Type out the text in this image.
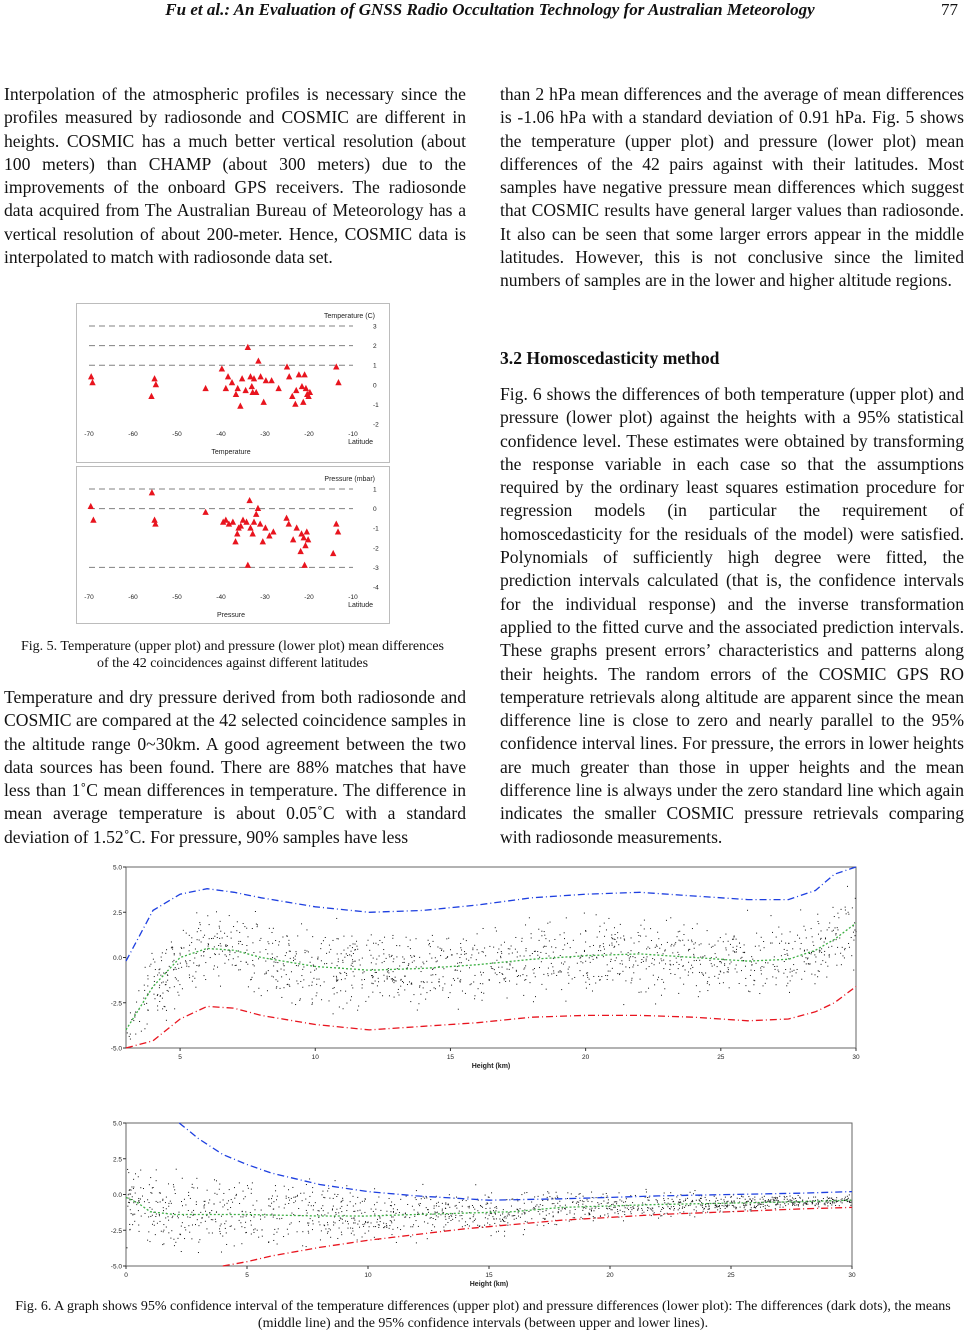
Fu et al.: An Evaluation of GNSS Radio Occultation Technology for Australian Meteorology	77

Interpolation of the atmospheric profiles is necessary since the profiles measured by radiosonde and COSMIC are different in heights. COSMIC has a much better vertical resolution (about 100 meters) than CHAMP (about 300 meters) due to the improvements of the onboard GPS receivers. The radiosonde data acquired from The Australian Bureau of Meteorology has a vertical resolution of about 200-meter. Hence, COSMIC data is interpolated to match with radiosonde data set.

Temperature (C)
3
2
1
0
-1
-2
-70	-60	-50	-40	-30	-20	-10
Latitude
Temperature
Pressure (mbar)
1
0
-1
-2
-3
-4
-70	-60	-50	-40	-30	-20	-10
Latitude
Pressure
Fig. 5. Temperature (upper plot) and pressure (lower plot) mean differences of the 42 coincidences against different latitudes

Temperature and dry pressure derived from both radiosonde and COSMIC are compared at the 42 selected coincidence samples in the altitude range 0~30km. A good agreement between the two data sources has been found. There are 88% matches that have less than 1˚C mean differences in temperature. The difference in mean average temperature is about 0.05˚C with a standard deviation of 1.52˚C. For pressure, 90% samples have less

than 2 hPa mean differences and the average of mean differences is -1.06 hPa with a standard deviation of 0.91 hPa. Fig. 5 shows the temperature (upper plot) and pressure (lower plot) mean differences of the 42 pairs against with their latitudes. Most samples have negative pressure mean differences which suggest that COSMIC results have general larger values than radiosonde. It also can be seen that some larger errors appear in the middle latitudes. However, this is not conclusive since the limited numbers of samples are in the lower and higher altitude regions.

3.2 Homoscedasticity method

Fig. 6 shows the differences of both temperature (upper plot) and pressure (lower plot) against the heights with a 95% statistical confidence level. These estimates were obtained by transforming the response variable in each case so that the assumptions required by the ordinary least squares estimation procedure for regression models (in particular the requirement of homoscedasticity for the residuals of the model) were satisfied. Polynomials of sufficiently high degree were fitted, the prediction intervals calculated (that is, the confidence intervals for the individual response) and the inverse transformation applied to the fitted curve and the associated prediction intervals. These graphs present errors’ characteristics and patterns along their heights. The random errors of the COSMIC GPS RO temperature retrievals along altitude are apparent since the mean difference line is close to zero and nearly parallel to the 95% confidence interval lines. For pressure, the errors in lower heights are much greater than those in upper heights and the mean difference line is always under the zero standard line which again indicates the smaller COSMIC pressure retrievals comparing with radiosonde measurements.

5.0
2.5
0.0
-2.5
-5.0
5	10	15	20	25	30
Height (km)
5.0
2.5
0.0
-2.5
-5.0
0	5	10	15	20	25	30
Height (km)
Fig. 6. A graph shows 95% confidence interval of the temperature differences (upper plot) and pressure differences (lower plot): The differences (dark dots), the means (middle line) and the 95% confidence intervals (between upper and lower lines).
